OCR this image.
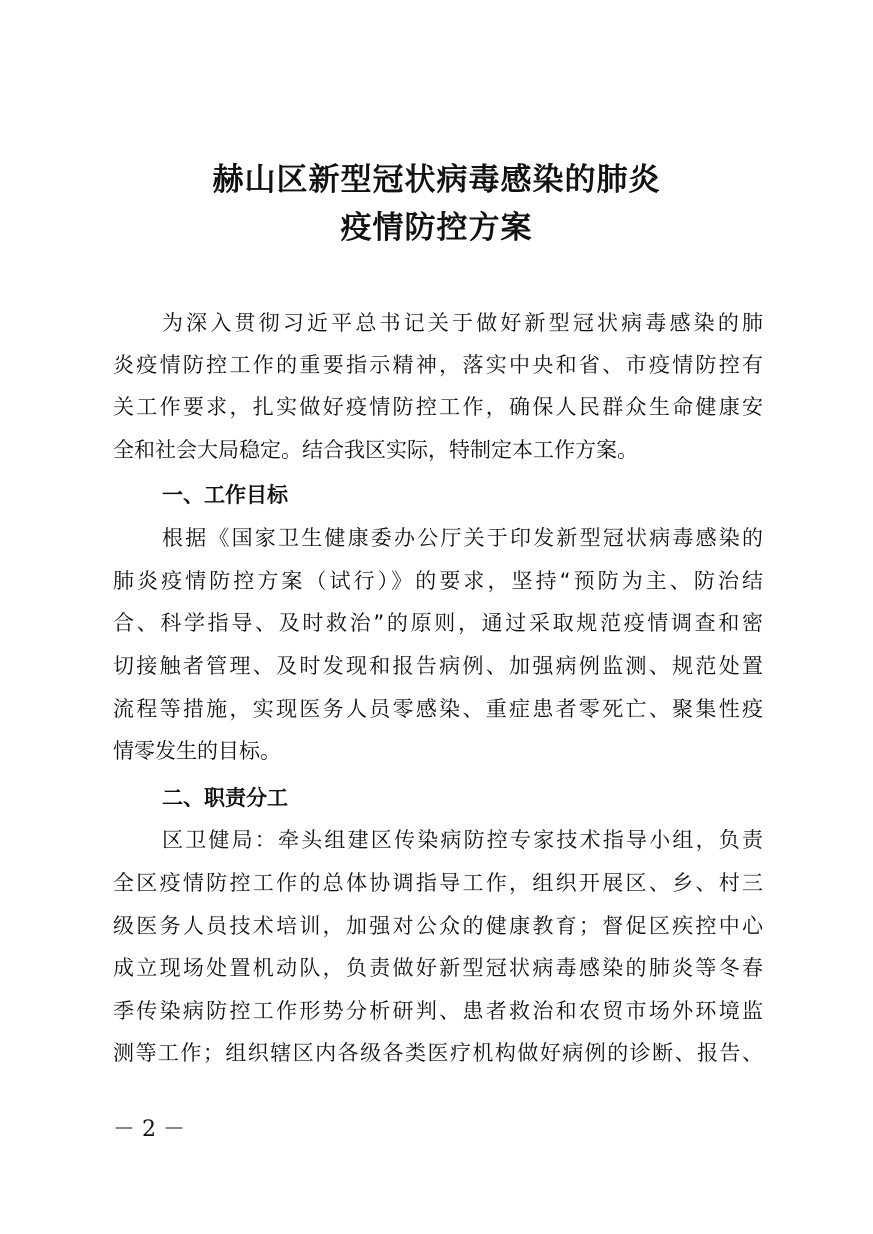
赫山区新型冠状病毒感染的肺炎
疫情防控方案
为深入贯彻习近平总书记关于做好新型冠状病毒感染的肺
炎疫情防控工作的重要指示精神，落实中央和省、市疫情防控有
关工作要求，扎实做好疫情防控工作，确保人民群众生命健康安
全和社会大局稳定。结合我区实际，特制定本工作方案。
一、工作目标
根据《国家卫生健康委办公厅关于印发新型冠状病毒感染的
肺炎疫情防控方案（试行）》的要求，坚持“预防为主、防治结
合、科学指导、及时救治”的原则，通过采取规范疫情调查和密
切接触者管理、及时发现和报告病例、加强病例监测、规范处置
流程等措施，实现医务人员零感染、重症患者零死亡、聚集性疫
情零发生的目标。
二、职责分工
区卫健局：牵头组建区传染病防控专家技术指导小组，负责
全区疫情防控工作的总体协调指导工作，组织开展区、乡、村三
级医务人员技术培训，加强对公众的健康教育；督促区疾控中心
成立现场处置机动队，负责做好新型冠状病毒感染的肺炎等冬春
季传染病防控工作形势分析研判、患者救治和农贸市场外环境监
测等工作；组织辖区内各级各类医疗机构做好病例的诊断、报告、
－ 2 －
